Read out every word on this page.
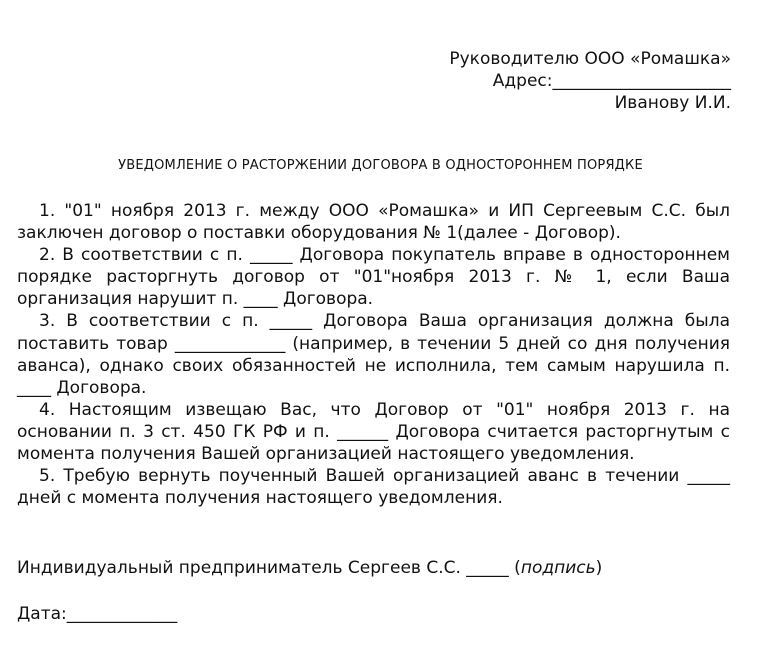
Руководителю ООО «Ромашка»
Адрес:_____________________
Иванову И.И.
УВЕДОМЛЕНИЕ О РАСТОРЖЕНИИ ДОГОВОРА В ОДНОСТОРОННЕМ ПОРЯДКЕ

1. "01" ноября 2013 г. между ООО «Ромашка» и ИП Сергеевым С.С. был заключен договор о поставки оборудования № 1(далее - Договор).

2. В соответствии с п. _____ Договора покупатель вправе в одностороннем порядке расторгнуть договор от "01"ноября 2013 г. № 1, если Ваша организация нарушит п. ____ Договора.

3. В соответствии с п. _____ Договора Ваша организация должна была поставить товар _____________ (например, в течении 5 дней со дня получения аванса), однако своих обязанностей не исполнила, тем самым нарушила п. ____ Договора.

4. Настоящим извещаю Вас, что Договор от "01" ноября 2013 г. на основании п. 3 ст. 450 ГК РФ и п. ______ Договора считается расторгнутым с момента получения Вашей организацией настоящего уведомления.

5. Требую вернуть поученный Вашей организацией аванс в течении _____ дней с момента получения настоящего уведомления.

Индивидуальный предприниматель Сергеев С.С. _____ (подпись)
Дата:_____________
